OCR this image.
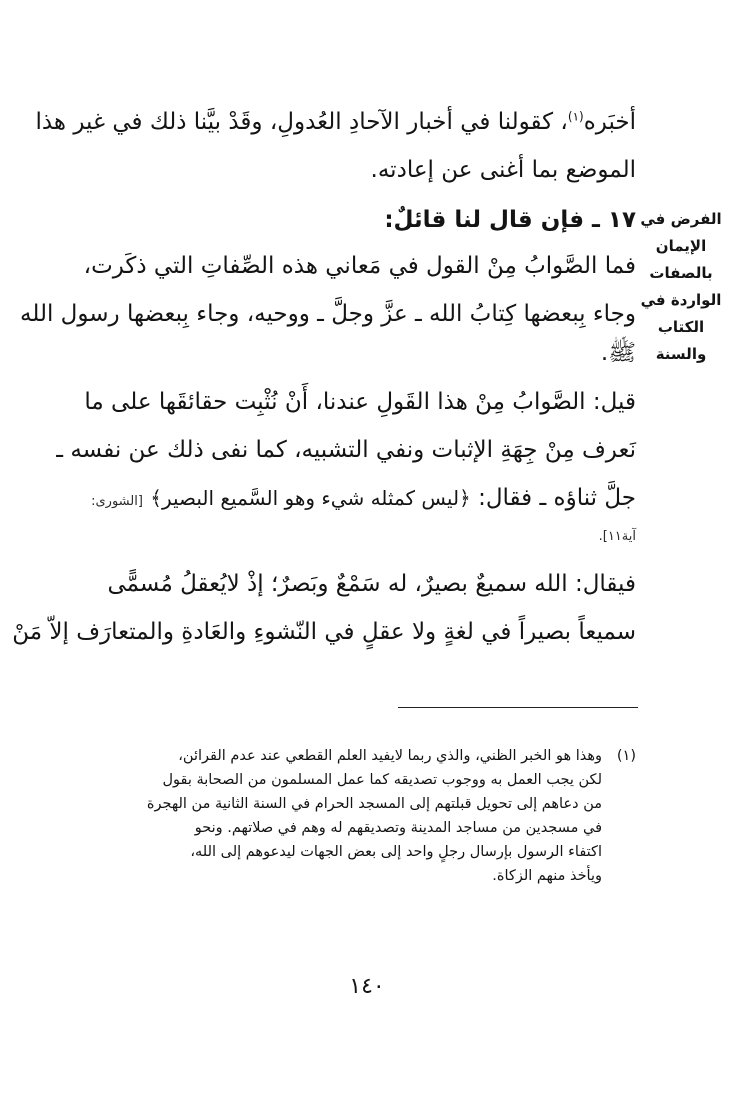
أخبَره$^{(١)}$، كقولنا في أخبار الآحادِ العُدولِ، وقَدْ بيَّنا ذلك في غير هذا
الموضع بما أغنى عن إعادته.
١٧ ـ فإن قال لنا قائلٌ:
فما الصَّوابُ مِنْ القول في مَعاني هذه الصِّفاتِ التي ذكَرت،
وجاء بِبعضها كِتابُ الله ـ عزَّ وجلَّ ـ ووحيه، وجاء بِبعضها رسول الله
ﷺ.
قيل: الصَّوابُ مِنْ هذا القَولِ عندنا، أَنْ نُثْبِت حقائقَها على ما
نَعرف مِنْ جِهَةِ الإثبات ونفي التشبيه، كما نفى ذلك عن نفسه ـ
جلَّ ثناؤه ـ فقال: ﴿ليس كمثله شيء وهو السَّميع البصير﴾ [الشورى:
آية١١].
فيقال: الله سميعٌ بصيرٌ، له سَمْعٌ وبَصرٌ؛ إذْ لايُعقلُ مُسمًّى
سميعاً بصيراً في لغةٍ ولا عقلٍ في النّشوءِ والعَادةِ والمتعارَف إلاّ مَنْ
الفرض في
الإيمان
بالصفات
الواردة في
الكتاب
والسنة
(١)
وهذا هو الخبر الظني، والذي ربما لايفيد العلم القطعي عند عدم القرائن،
لكن يجب العمل به ووجوب تصديقه كما عمل المسلمون من الصحابة بقول
من دعاهم إلى تحويل قبلتهم إلى المسجد الحرام في السنة الثانية من الهجرة
في مسجدين من مساجد المدينة وتصديقهم له وهم في صلاتهم. ونحو
اكتفاء الرسول بإرسال رجلٍ واحد إلى بعض الجهات ليدعوهم إلى الله،
ويأخذ منهم الزكاة.
١٤٠
